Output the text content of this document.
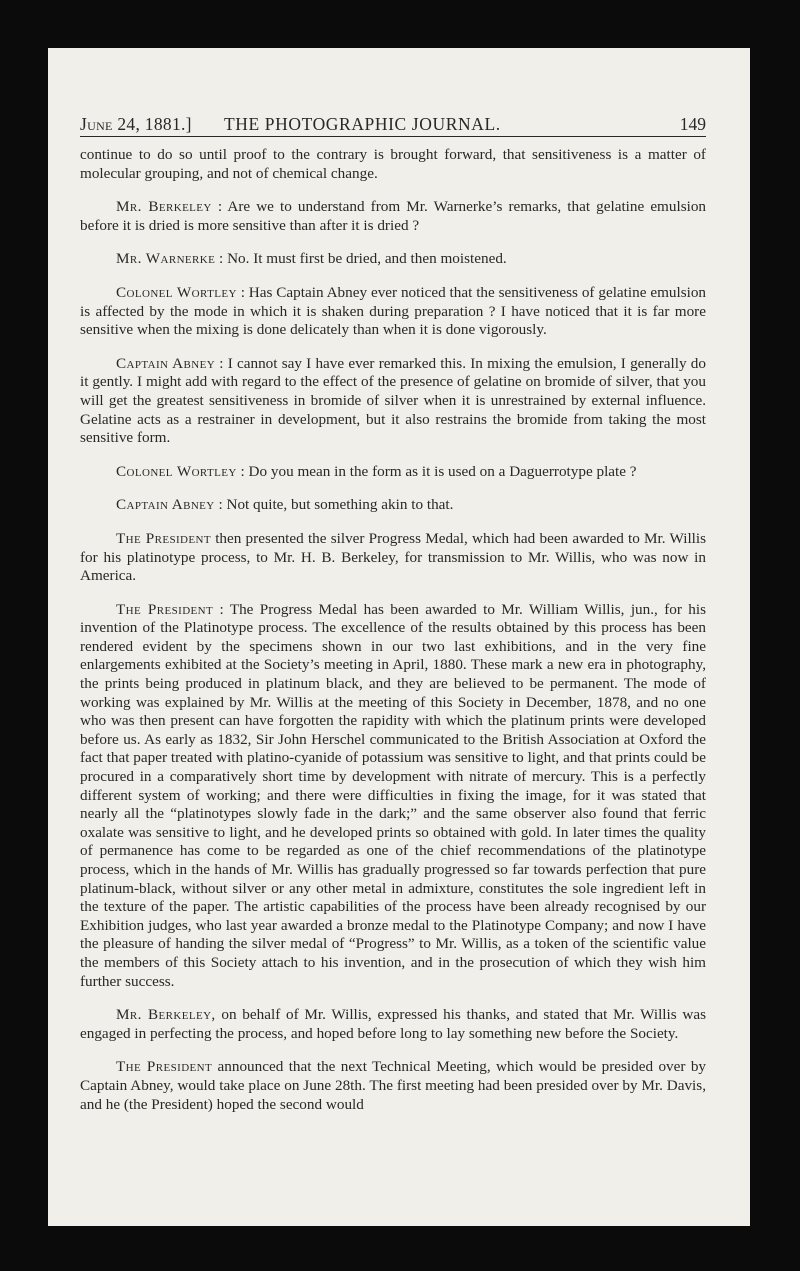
June 24, 1881.] THE PHOTOGRAPHIC JOURNAL.	149

continue to do so until proof to the contrary is brought forward, that sensitiveness is a matter of molecular grouping, and not of chemical change.

Mr. Berkeley : Are we to understand from Mr. Warnerke’s remarks, that gelatine emulsion before it is dried is more sensitive than after it is dried ?

Mr. Warnerke : No. It must first be dried, and then moistened.

Colonel Wortley : Has Captain Abney ever noticed that the sensitiveness of gelatine emulsion is affected by the mode in which it is shaken during preparation ? I have noticed that it is far more sensitive when the mixing is done delicately than when it is done vigorously.

Captain Abney : I cannot say I have ever remarked this. In mixing the emulsion, I generally do it gently. I might add with regard to the effect of the presence of gelatine on bromide of silver, that you will get the greatest sensitiveness in bromide of silver when it is unrestrained by external influence. Gelatine acts as a restrainer in development, but it also restrains the bromide from taking the most sensitive form.

Colonel Wortley : Do you mean in the form as it is used on a Daguerrotype plate ?

Captain Abney : Not quite, but something akin to that.

The President then presented the silver Progress Medal, which had been awarded to Mr. Willis for his platinotype process, to Mr. H. B. Berkeley, for transmission to Mr. Willis, who was now in America.

The President : The Progress Medal has been awarded to Mr. William Willis, jun., for his invention of the Platinotype process. The excellence of the results obtained by this process has been rendered evident by the specimens shown in our two last exhibitions, and in the very fine enlargements exhibited at the Society’s meeting in April, 1880. These mark a new era in photography, the prints being produced in platinum black, and they are believed to be permanent. The mode of working was explained by Mr. Willis at the meeting of this Society in December, 1878, and no one who was then present can have forgotten the rapidity with which the platinum prints were developed before us. As early as 1832, Sir John Herschel communicated to the British Association at Oxford the fact that paper treated with platino-cyanide of potassium was sensitive to light, and that prints could be procured in a comparatively short time by development with nitrate of mercury. This is a perfectly different system of working; and there were difficulties in fixing the image, for it was stated that nearly all the “platinotypes slowly fade in the dark;” and the same observer also found that ferric oxalate was sensitive to light, and he developed prints so obtained with gold. In later times the quality of permanence has come to be regarded as one of the chief recommendations of the platinotype process, which in the hands of Mr. Willis has gradually progressed so far towards perfection that pure platinum-black, without silver or any other metal in admixture, constitutes the sole ingredient left in the texture of the paper. The artistic capabilities of the process have been already recognised by our Exhibition judges, who last year awarded a bronze medal to the Platinotype Company; and now I have the pleasure of handing the silver medal of “Progress” to Mr. Willis, as a token of the scientific value the members of this Society attach to his invention, and in the prosecution of which they wish him further success.

Mr. Berkeley, on behalf of Mr. Willis, expressed his thanks, and stated that Mr. Willis was engaged in perfecting the process, and hoped before long to lay something new before the Society.

The President announced that the next Technical Meeting, which would be presided over by Captain Abney, would take place on June 28th. The first meeting had been presided over by Mr. Davis, and he (the President) hoped the second would
